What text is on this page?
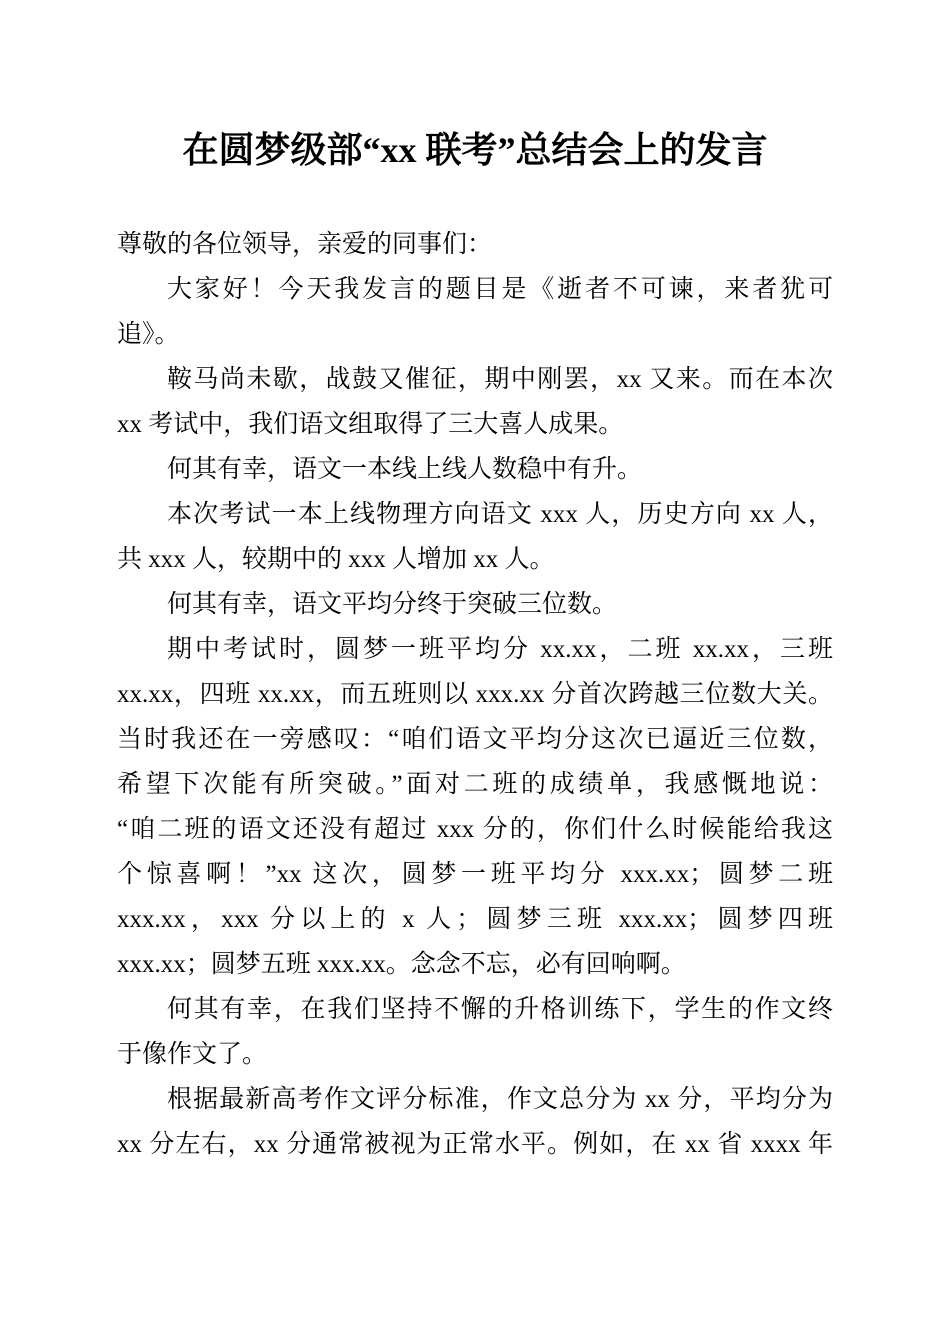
在圆梦级部“xx 联考”总结会上的发言
尊敬的各位领导，亲爱的同事们：
大家好！今天我发言的题目是《逝者不可谏，来者犹可
追》。
鞍马尚未歇，战鼓又催征，期中刚罢，xx 又来。而在本次
xx 考试中，我们语文组取得了三大喜人成果。
何其有幸，语文一本线上线人数稳中有升。
本次考试一本上线物理方向语文 xxx 人，历史方向 xx 人，
共 xxx 人，较期中的 xxx 人增加 xx 人。
何其有幸，语文平均分终于突破三位数。
期中考试时，圆梦一班平均分 xx.xx，二班 xx.xx，三班
xx.xx，四班 xx.xx，而五班则以 xxx.xx 分首次跨越三位数大关。
当时我还在一旁感叹：“咱们语文平均分这次已逼近三位数，
希望下次能有所突破。”面对二班的成绩单，我感慨地说：
“咱二班的语文还没有超过 xxx 分的，你们什么时候能给我这
个惊喜啊！”xx 这次，圆梦一班平均分 xxx.xx；圆梦二班
xxx.xx，xxx 分以上的 x 人；圆梦三班 xxx.xx；圆梦四班
xxx.xx；圆梦五班 xxx.xx。念念不忘，必有回响啊。
何其有幸，在我们坚持不懈的升格训练下，学生的作文终
于像作文了。
根据最新高考作文评分标准，作文总分为 xx 分，平均分为
xx 分左右，xx 分通常被视为正常水平。例如，在 xx 省 xxxx 年
